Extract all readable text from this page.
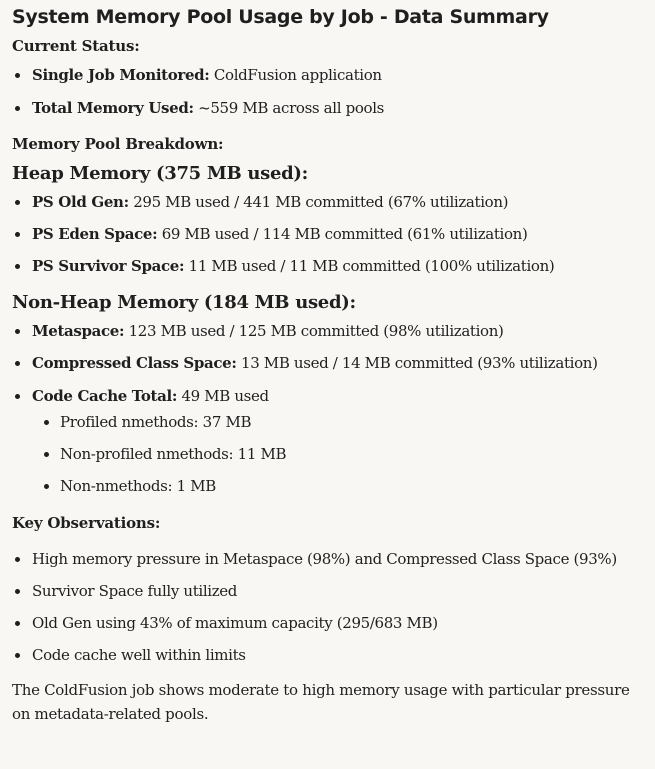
System Memory Pool Usage by Job - Data Summary

Current Status:

Single Job Monitored: ColdFusion application
Total Memory Used: ~559 MB across all pools

Memory Pool Breakdown:

Heap Memory (375 MB used):
PS Old Gen: 295 MB used / 441 MB committed (67% utilization)
PS Eden Space: 69 MB used / 114 MB committed (61% utilization)
PS Survivor Space: 11 MB used / 11 MB committed (100% utilization)
Non-Heap Memory (184 MB used):
Metaspace: 123 MB used / 125 MB committed (98% utilization)
Compressed Class Space: 13 MB used / 14 MB committed (93% utilization)
Code Cache Total: 49 MB used
Profiled nmethods: 37 MB
Non-profiled nmethods: 11 MB
Non-nmethods: 1 MB

Key Observations:

High memory pressure in Metaspace (98%) and Compressed Class Space (93%)
Survivor Space fully utilized
Old Gen using 43% of maximum capacity (295/683 MB)
Code cache well within limits

The ColdFusion job shows moderate to high memory usage with particular pressure on metadata-related pools.
